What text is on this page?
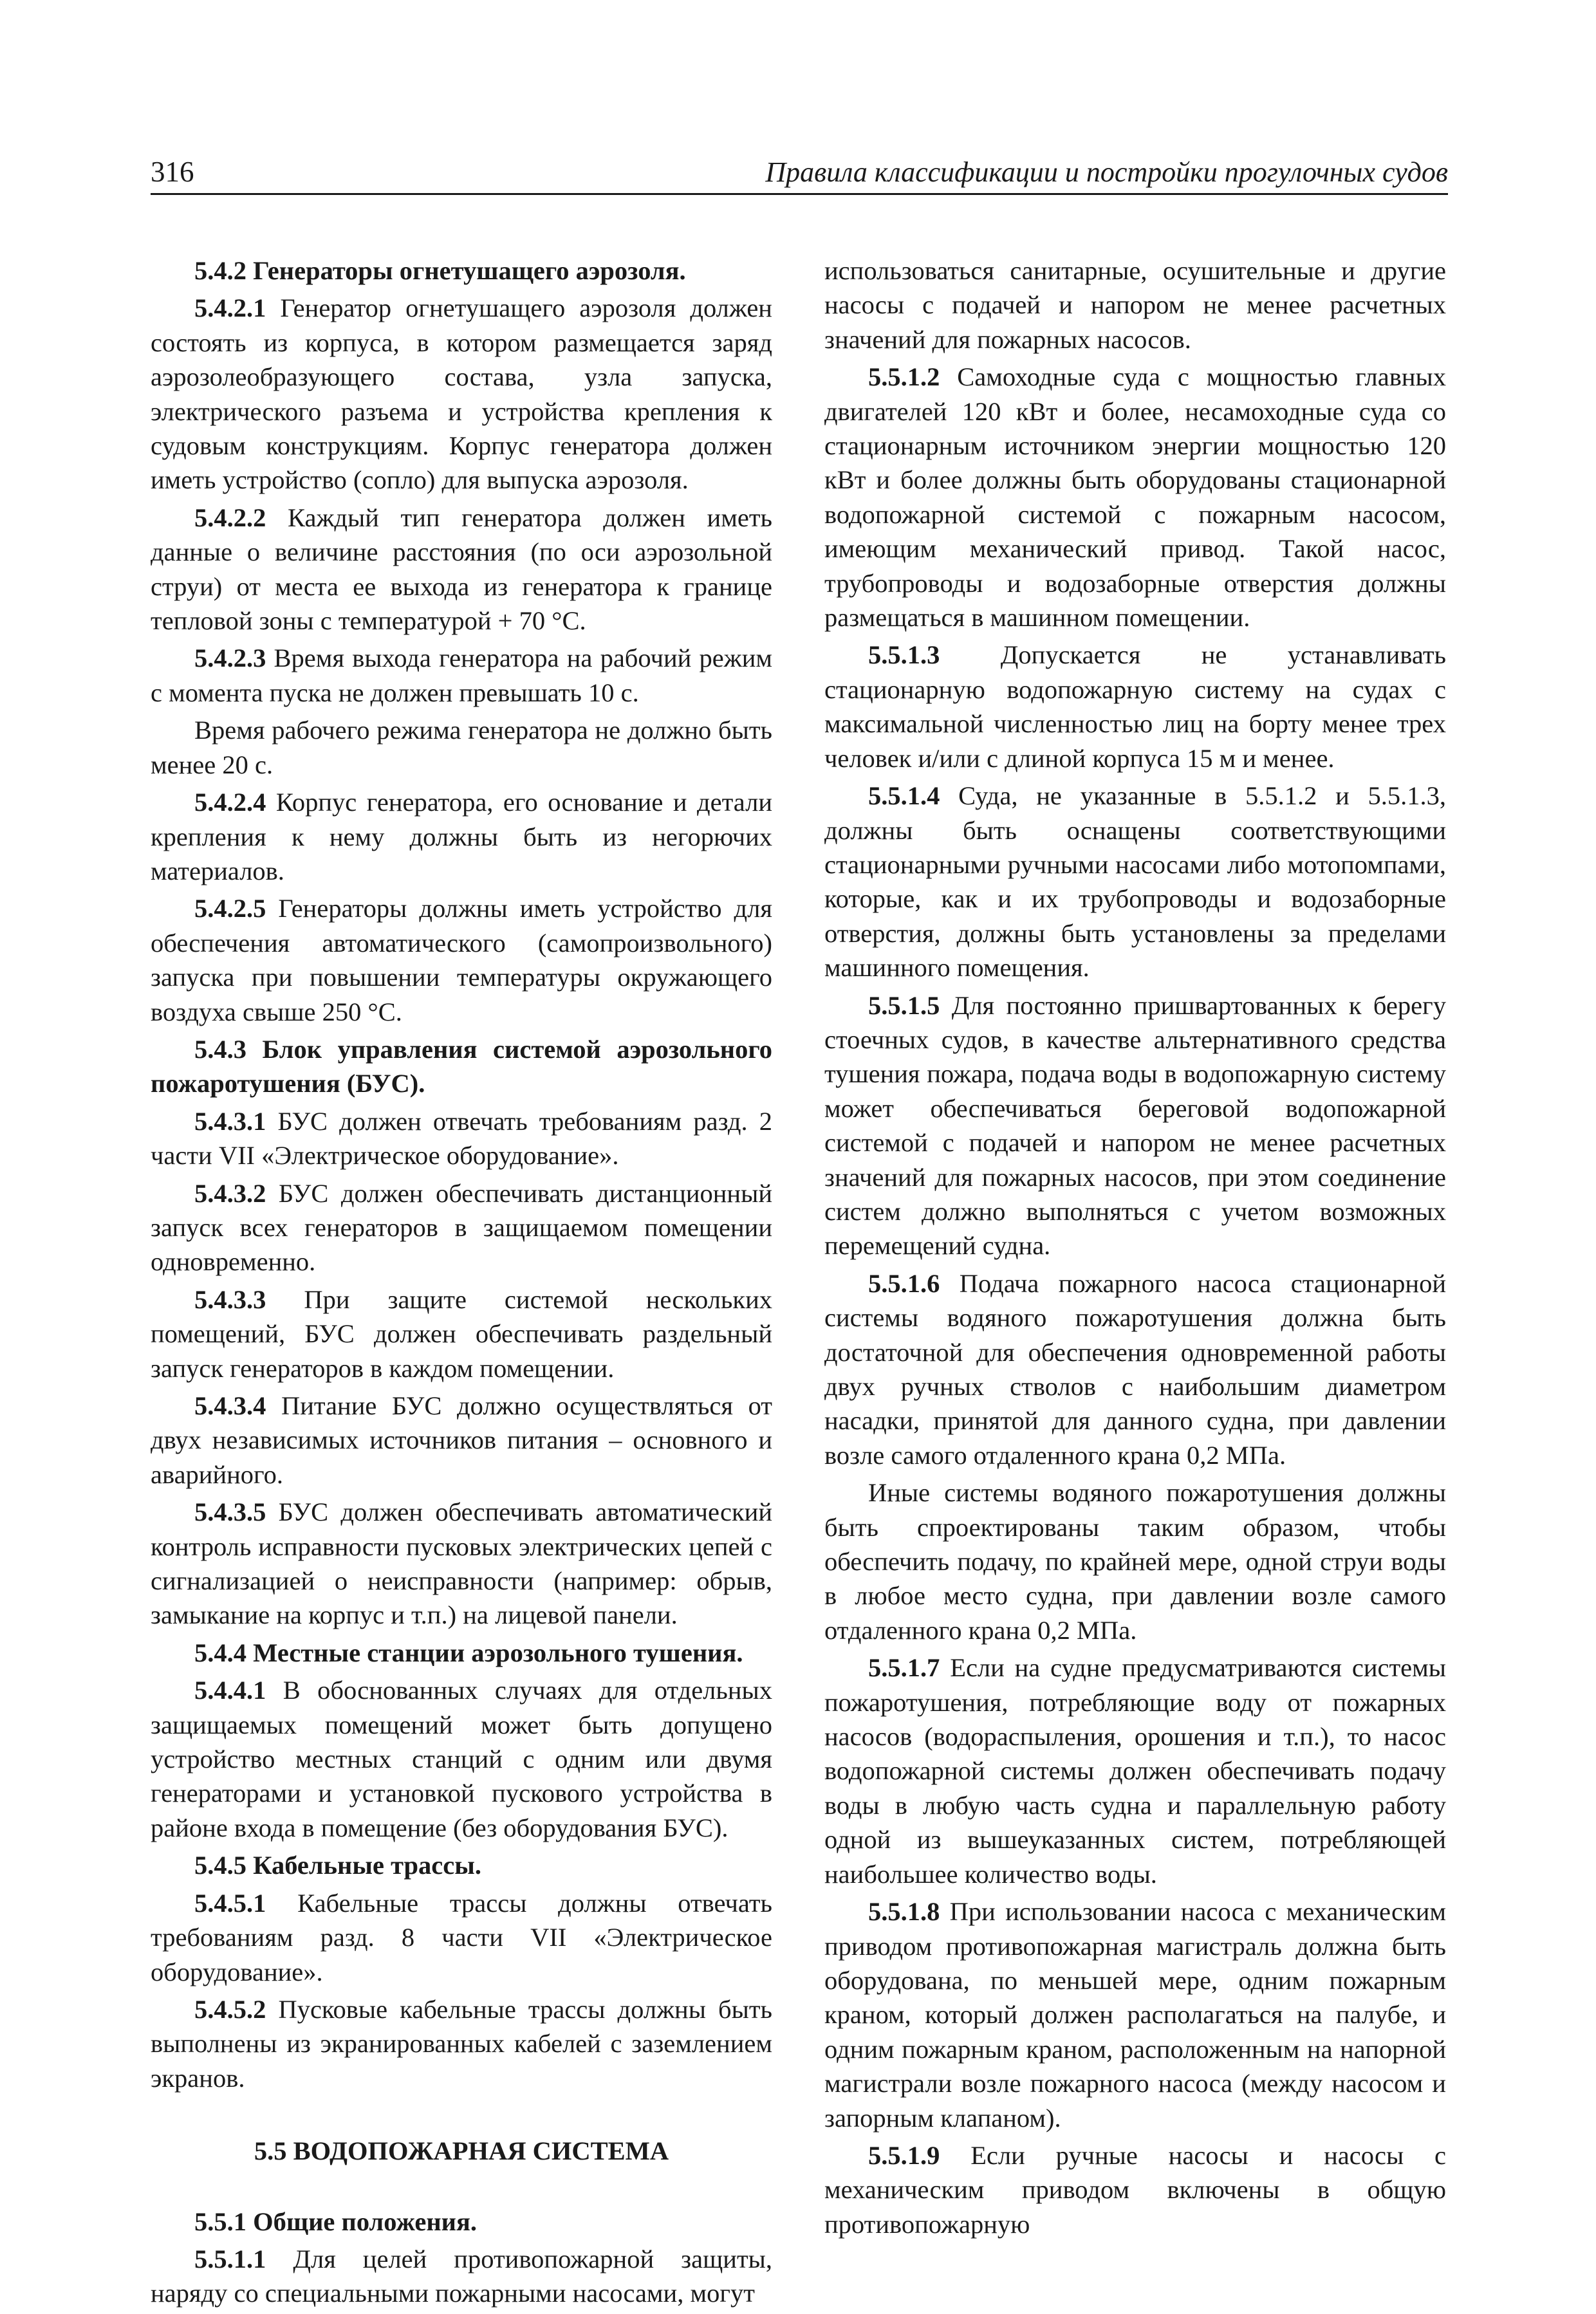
316	Правила классификации и постройки прогулочных судов

5.4.2 Генераторы огнетушащего аэрозоля.

5.4.2.1 Генератор огнетушащего аэрозоля должен состоять из корпуса, в котором размещается заряд аэрозолеобразующего состава, узла запуска, электрического разъема и устройства крепления к судовым конструкциям. Корпус генератора должен иметь устройство (сопло) для выпуска аэрозоля.

5.4.2.2 Каждый тип генератора должен иметь данные о величине расстояния (по оси аэрозольной струи) от места ее выхода из генератора к границе тепловой зоны с температурой + 70 °С.

5.4.2.3 Время выхода генератора на рабочий режим с момента пуска не должен превышать 10 с.

Время рабочего режима генератора не должно быть менее 20 с.

5.4.2.4 Корпус генератора, его основание и детали крепления к нему должны быть из негорючих материалов.

5.4.2.5 Генераторы должны иметь устройство для обеспечения автоматического (самопроизвольного) запуска при повышении температуры окружающего воздуха свыше 250 °С.

5.4.3 Блок управления системой аэрозольного пожаротушения (БУС).

5.4.3.1 БУС должен отвечать требованиям разд. 2 части VII «Электрическое оборудование».

5.4.3.2 БУС должен обеспечивать дистанционный запуск всех генераторов в защищаемом помещении одновременно.

5.4.3.3 При защите системой нескольких помещений, БУС должен обеспечивать раздельный запуск генераторов в каждом помещении.

5.4.3.4 Питание БУС должно осуществляться от двух независимых источников питания – основного и аварийного.

5.4.3.5 БУС должен обеспечивать автоматический контроль исправности пусковых электрических цепей с сигнализацией о неисправности (например: обрыв, замыкание на корпус и т.п.) на лицевой панели.

5.4.4 Местные станции аэрозольного тушения.

5.4.4.1 В обоснованных случаях для отдельных защищаемых помещений может быть допущено устройство местных станций с одним или двумя генераторами и установкой пускового устройства в районе входа в помещение (без оборудования БУС).

5.4.5 Кабельные трассы.

5.4.5.1 Кабельные трассы должны отвечать требованиям разд. 8 части VII «Электрическое оборудование».

5.4.5.2 Пусковые кабельные трассы должны быть выполнены из экранированных кабелей с заземлением экранов.

5.5 ВОДОПОЖАРНАЯ СИСТЕМА

5.5.1 Общие положения.

5.5.1.1 Для целей противопожарной защиты, наряду со специальными пожарными насосами, могут

использоваться санитарные, осушительные и другие насосы с подачей и напором не менее расчетных значений для пожарных насосов.

5.5.1.2 Самоходные суда с мощностью главных двигателей 120 кВт и более, несамоходные суда со стационарным источником энергии мощностью 120 кВт и более должны быть оборудованы стационарной водопожарной системой с пожарным насосом, имеющим механический привод. Такой насос, трубопроводы и водозаборные отверстия должны размещаться в машинном помещении.

5.5.1.3 Допускается не устанавливать стационарную водопожарную систему на судах с максимальной численностью лиц на борту менее трех человек и/или с длиной корпуса 15 м и менее.

5.5.1.4 Суда, не указанные в 5.5.1.2 и 5.5.1.3, должны быть оснащены соответствующими стационарными ручными насосами либо мотопомпами, которые, как и их трубопроводы и водозаборные отверстия, должны быть установлены за пределами машинного помещения.

5.5.1.5 Для постоянно пришвартованных к берегу стоечных судов, в качестве альтернативного средства тушения пожара, подача воды в водопожарную систему может обеспечиваться береговой водопожарной системой с подачей и напором не менее расчетных значений для пожарных насосов, при этом соединение систем должно выполняться с учетом возможных перемещений судна.

5.5.1.6 Подача пожарного насоса стационарной системы водяного пожаротушения должна быть достаточной для обеспечения одновременной работы двух ручных стволов с наибольшим диаметром насадки, принятой для данного судна, при давлении возле самого отдаленного крана 0,2 МПа.

Иные системы водяного пожаротушения должны быть спроектированы таким образом, чтобы обеспечить подачу, по крайней мере, одной струи воды в любое место судна, при давлении возле самого отдаленного крана 0,2 МПа.

5.5.1.7 Если на судне предусматриваются системы пожаротушения, потребляющие воду от пожарных насосов (водораспыления, орошения и т.п.), то насос водопожарной системы должен обеспечивать подачу воды в любую часть судна и параллельную работу одной из вышеуказанных систем, потребляющей наибольшее количество воды.

5.5.1.8 При использовании насоса с механическим приводом противопожарная магистраль должна быть оборудована, по меньшей мере, одним пожарным краном, который должен располагаться на палубе, и одним пожарным краном, расположенным на напорной магистрали возле пожарного насоса (между насосом и запорным клапаном).

5.5.1.9 Если ручные насосы и насосы с механическим приводом включены в общую противопожарную
